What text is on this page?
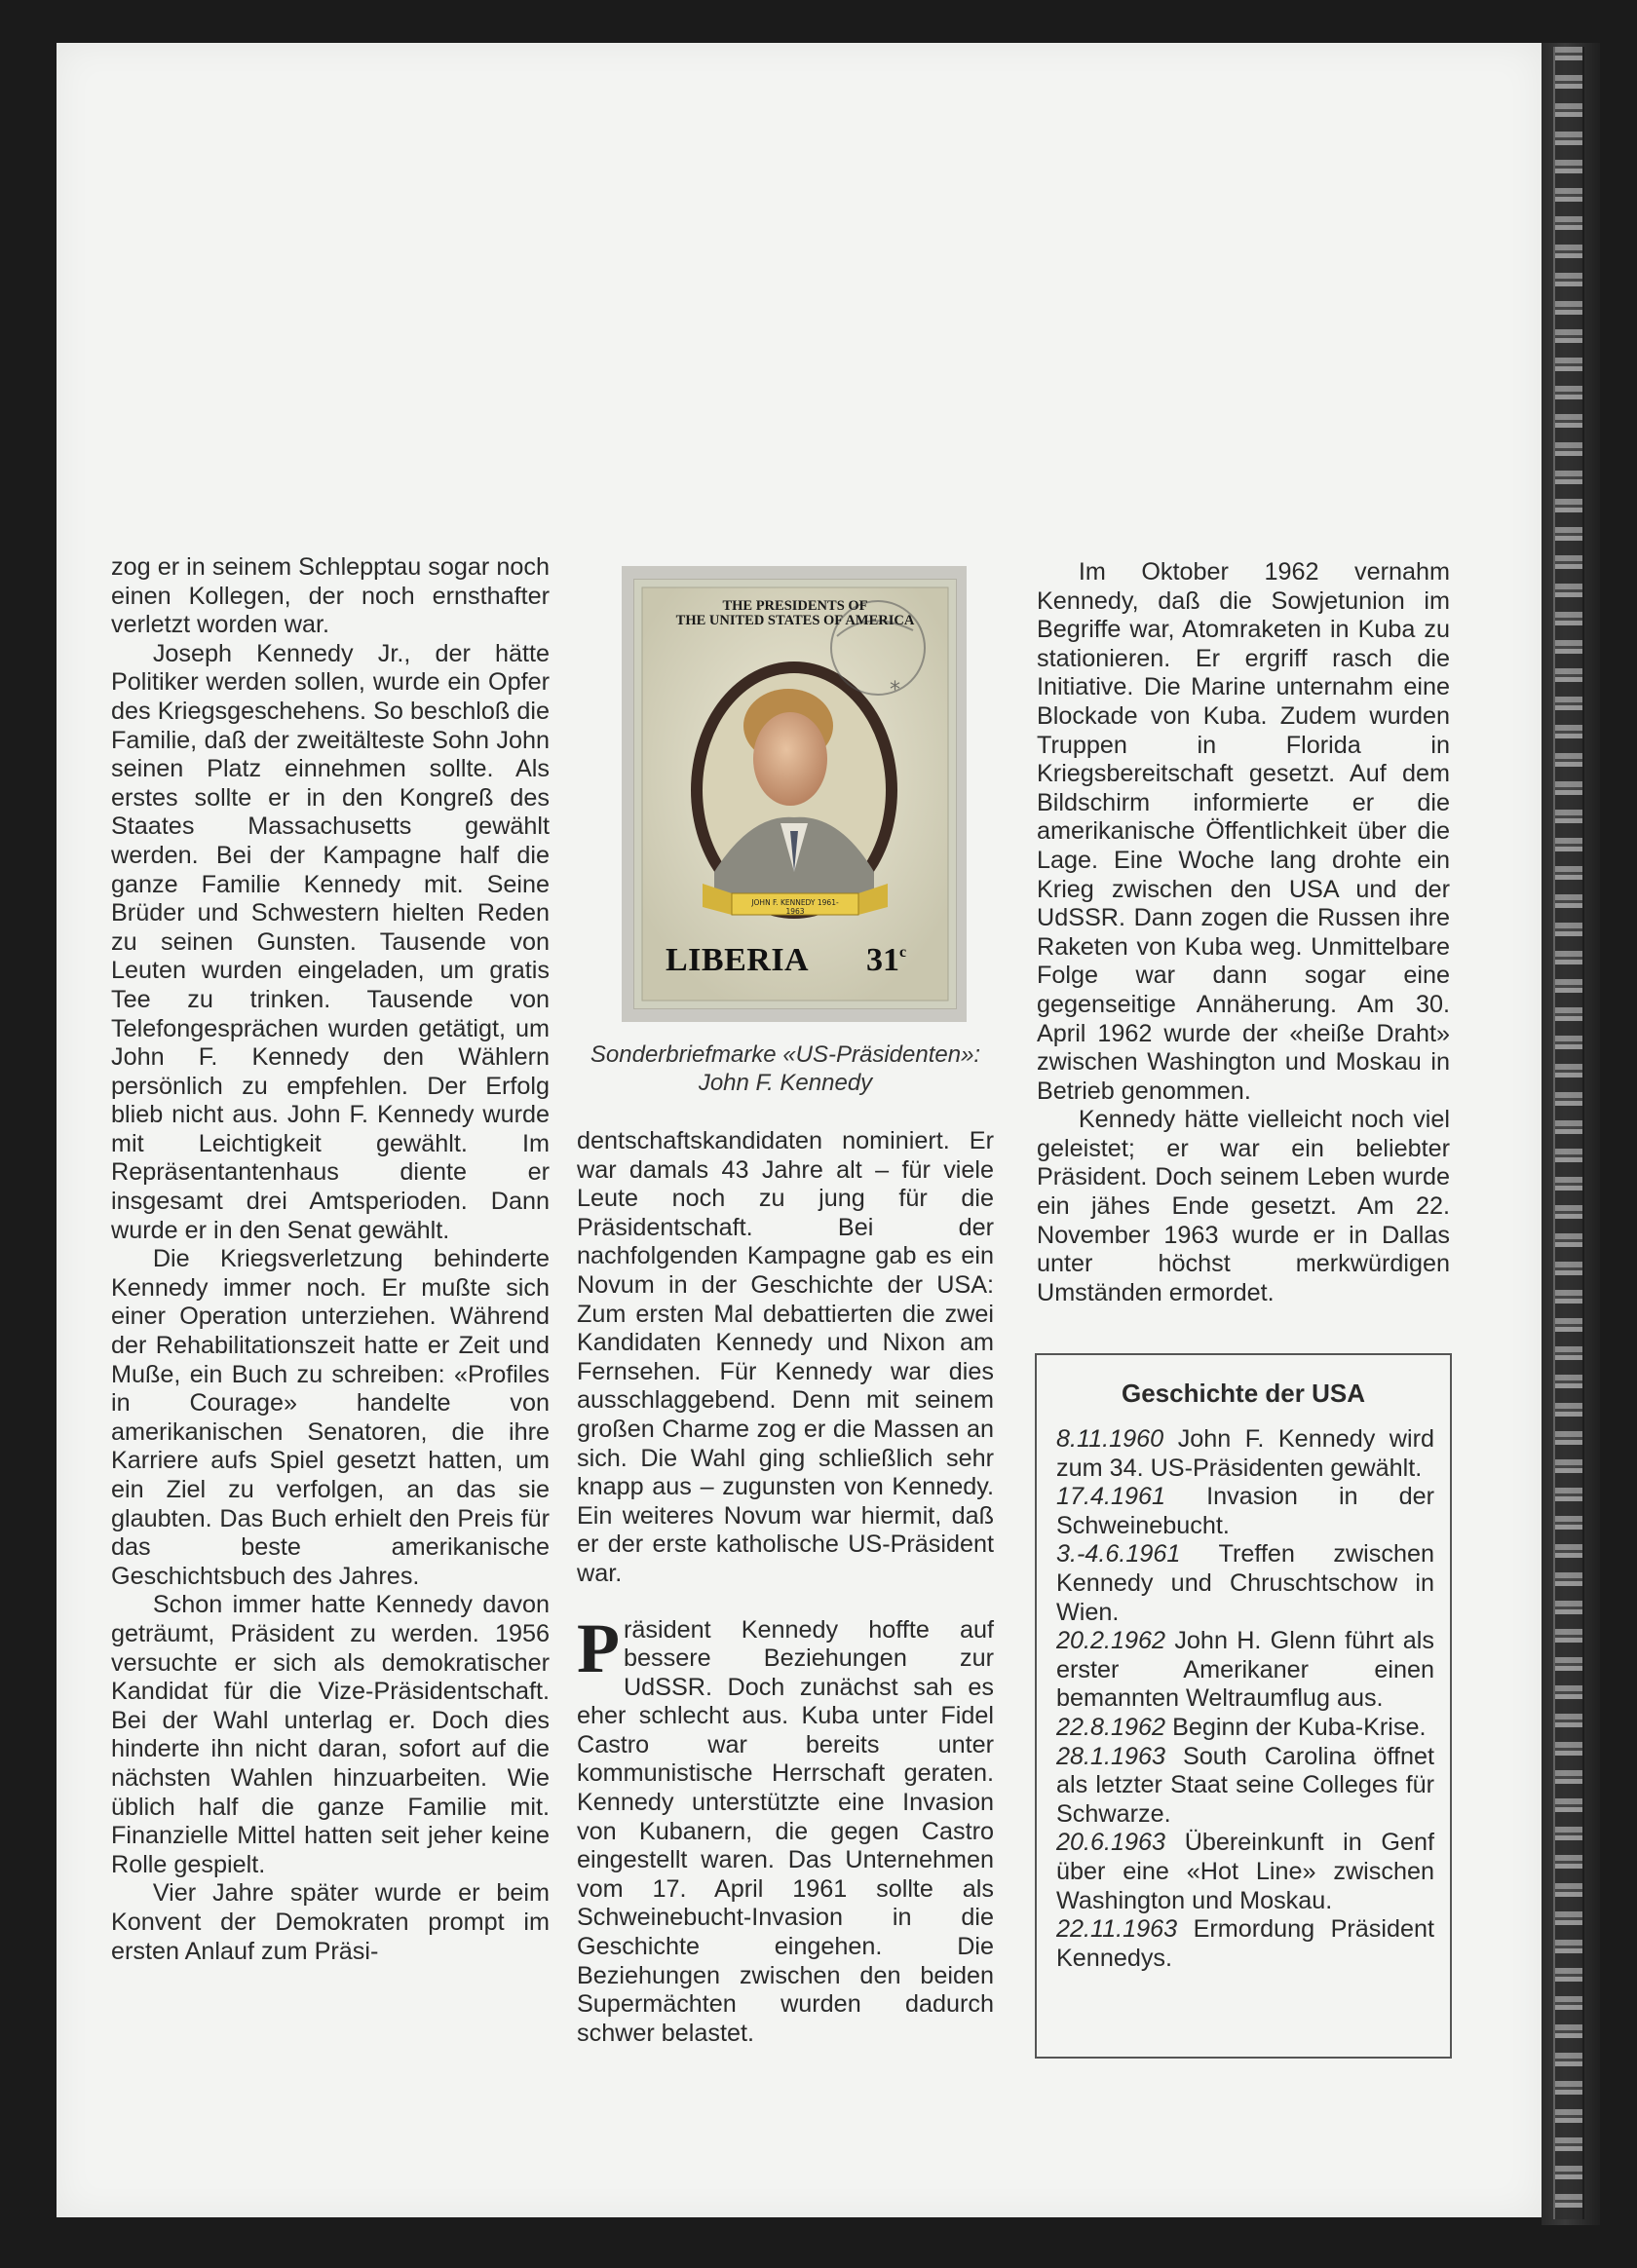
zog er in seinem Schlepptau sogar noch einen Kollegen, der noch ernsthafter verletzt worden war.

Joseph Kennedy Jr., der hätte Politiker werden sollen, wurde ein Opfer des Kriegsgeschehens. So beschloß die Familie, daß der zweitälteste Sohn John seinen Platz einnehmen sollte. Als erstes sollte er in den Kongreß des Staates Massachusetts gewählt werden. Bei der Kampagne half die ganze Familie Kennedy mit. Seine Brüder und Schwestern hielten Reden zu seinen Gunsten. Tausende von Leuten wurden eingeladen, um gratis Tee zu trinken. Tausende von Telefongesprächen wurden getätigt, um John F. Kennedy den Wählern persönlich zu empfehlen. Der Erfolg blieb nicht aus. John F. Kennedy wurde mit Leichtigkeit gewählt. Im Repräsentantenhaus diente er insgesamt drei Amtsperioden. Dann wurde er in den Senat gewählt.

Die Kriegsverletzung behinderte Kennedy immer noch. Er mußte sich einer Operation unterziehen. Während der Rehabilitationszeit hatte er Zeit und Muße, ein Buch zu schreiben: «Profiles in Courage» handelte von amerikanischen Senatoren, die ihre Karriere aufs Spiel gesetzt hatten, um ein Ziel zu verfolgen, an das sie glaubten. Das Buch erhielt den Preis für das beste amerikanische Geschichtsbuch des Jahres.

Schon immer hatte Kennedy davon geträumt, Präsident zu werden. 1956 versuchte er sich als demokratischer Kandidat für die Vize-Präsidentschaft. Bei der Wahl unterlag er. Doch dies hinderte ihn nicht daran, sofort auf die nächsten Wahlen hinzuarbeiten. Wie üblich half die ganze Familie mit. Finanzielle Mittel hatten seit jeher keine Rolle gespielt.

Vier Jahre später wurde er beim Konvent der Demokraten prompt im ersten Anlauf zum Präsi-

*
THE PRESIDENTS OF
THE UNITED STATES OF AMERICA
JOHN F. KENNEDY 1961-1963
LIBERIA 31$^c$
Sonderbriefmarke «US-Präsidenten»:
John F. Kennedy

dentschaftskandidaten nominiert. Er war damals 43 Jahre alt – für viele Leute noch zu jung für die Präsidentschaft. Bei der nachfolgenden Kampagne gab es ein Novum in der Geschichte der USA: Zum ersten Mal debattierten die zwei Kandidaten Kennedy und Nixon am Fernsehen. Für Kennedy war dies ausschlaggebend. Denn mit seinem großen Charme zog er die Massen an sich. Die Wahl ging schließlich sehr knapp aus – zugunsten von Kennedy. Ein weiteres Novum war hiermit, daß er der erste katholische US-Präsident war.

Präsident Kennedy hoffte auf bessere Beziehungen zur UdSSR. Doch zunächst sah es eher schlecht aus. Kuba unter Fidel Castro war bereits unter kommunistische Herrschaft geraten. Kennedy unterstützte eine Invasion von Kubanern, die gegen Castro eingestellt waren. Das Unternehmen vom 17. April 1961 sollte als Schweinebucht-Invasion in die Geschichte eingehen. Die Beziehungen zwischen den beiden Supermächten wurden dadurch schwer belastet.

Im Oktober 1962 vernahm Kennedy, daß die Sowjetunion im Begriffe war, Atomraketen in Kuba zu stationieren. Er ergriff rasch die Initiative. Die Marine unternahm eine Blockade von Kuba. Zudem wurden Truppen in Florida in Kriegsbereitschaft gesetzt. Auf dem Bildschirm informierte er die amerikanische Öffentlichkeit über die Lage. Eine Woche lang drohte ein Krieg zwischen den USA und der UdSSR. Dann zogen die Russen ihre Raketen von Kuba weg. Unmittelbare Folge war dann sogar eine gegenseitige Annäherung. Am 30. April 1962 wurde der «heiße Draht» zwischen Washington und Moskau in Betrieb genommen.

Kennedy hätte vielleicht noch viel geleistet; er war ein beliebter Präsident. Doch seinem Leben wurde ein jähes Ende gesetzt. Am 22. November 1963 wurde er in Dallas unter höchst merkwürdigen Umständen ermordet.

Geschichte der USA

8.11.1960 John F. Kennedy wird zum 34. US-Präsidenten gewählt.

17.4.1961 Invasion in der Schweinebucht.

3.-4.6.1961 Treffen zwischen Kennedy und Chruschtschow in Wien.

20.2.1962 John H. Glenn führt als erster Amerikaner einen bemannten Weltraumflug aus.

22.8.1962 Beginn der Kuba-Krise.

28.1.1963 South Carolina öffnet als letzter Staat seine Colleges für Schwarze.

20.6.1963 Übereinkunft in Genf über eine «Hot Line» zwischen Washington und Moskau.

22.11.1963 Ermordung Präsident Kennedys.
